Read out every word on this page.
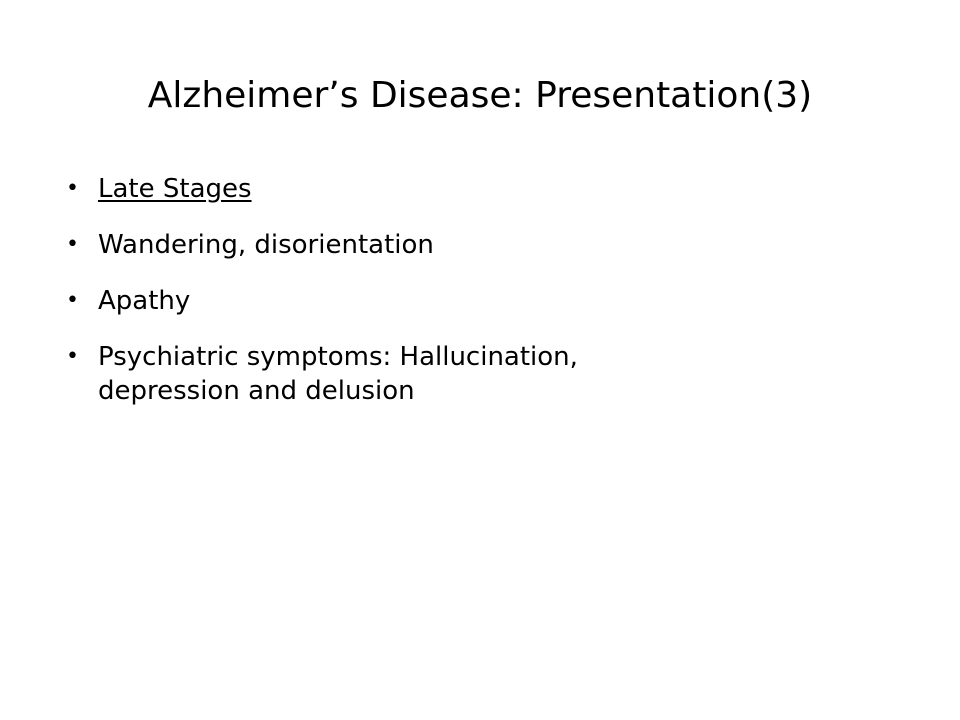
Alzheimer’s Disease: Presentation(3)
• Late Stages
• Wandering, disorientation
• Apathy
• Psychiatric symptoms: Hallucination,
depression and delusion
